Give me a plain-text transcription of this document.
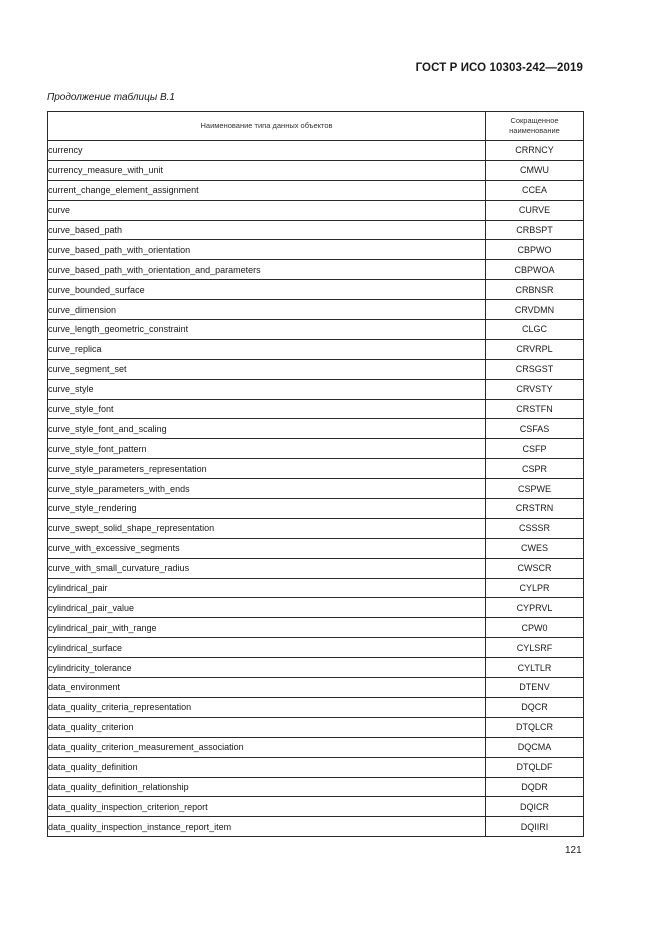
ГОСТ Р ИСО 10303-242—2019
Продолжение таблицы В.1
Наименование типа данных объектов	Сокращенное
наименование
currency	CRRNCY
currency_measure_with_unit	CMWU
current_change_element_assignment	CCEA
curve	CURVE
curve_based_path	CRBSPT
curve_based_path_with_orientation	CBPWO
curve_based_path_with_orientation_and_parameters	CBPWOA
curve_bounded_surface	CRBNSR
curve_dimension	CRVDMN
curve_length_geometric_constraint	CLGC
curve_replica	CRVRPL
curve_segment_set	CRSGST
curve_style	CRVSTY
curve_style_font	CRSTFN
curve_style_font_and_scaling	CSFAS
curve_style_font_pattern	CSFP
curve_style_parameters_representation	CSPR
curve_style_parameters_with_ends	CSPWE
curve_style_rendering	CRSTRN
curve_swept_solid_shape_representation	CSSSR
curve_with_excessive_segments	CWES
curve_with_small_curvature_radius	CWSCR
cylindrical_pair	CYLPR
cylindrical_pair_value	CYPRVL
cylindrical_pair_with_range	CPW0
cylindrical_surface	CYLSRF
cylindricity_tolerance	CYLTLR
data_environment	DTENV
data_quality_criteria_representation	DQCR
data_quality_criterion	DTQLCR
data_quality_criterion_measurement_association	DQCMA
data_quality_definition	DTQLDF
data_quality_definition_relationship	DQDR
data_quality_inspection_criterion_report	DQICR
data_quality_inspection_instance_report_item	DQIIRI
121
